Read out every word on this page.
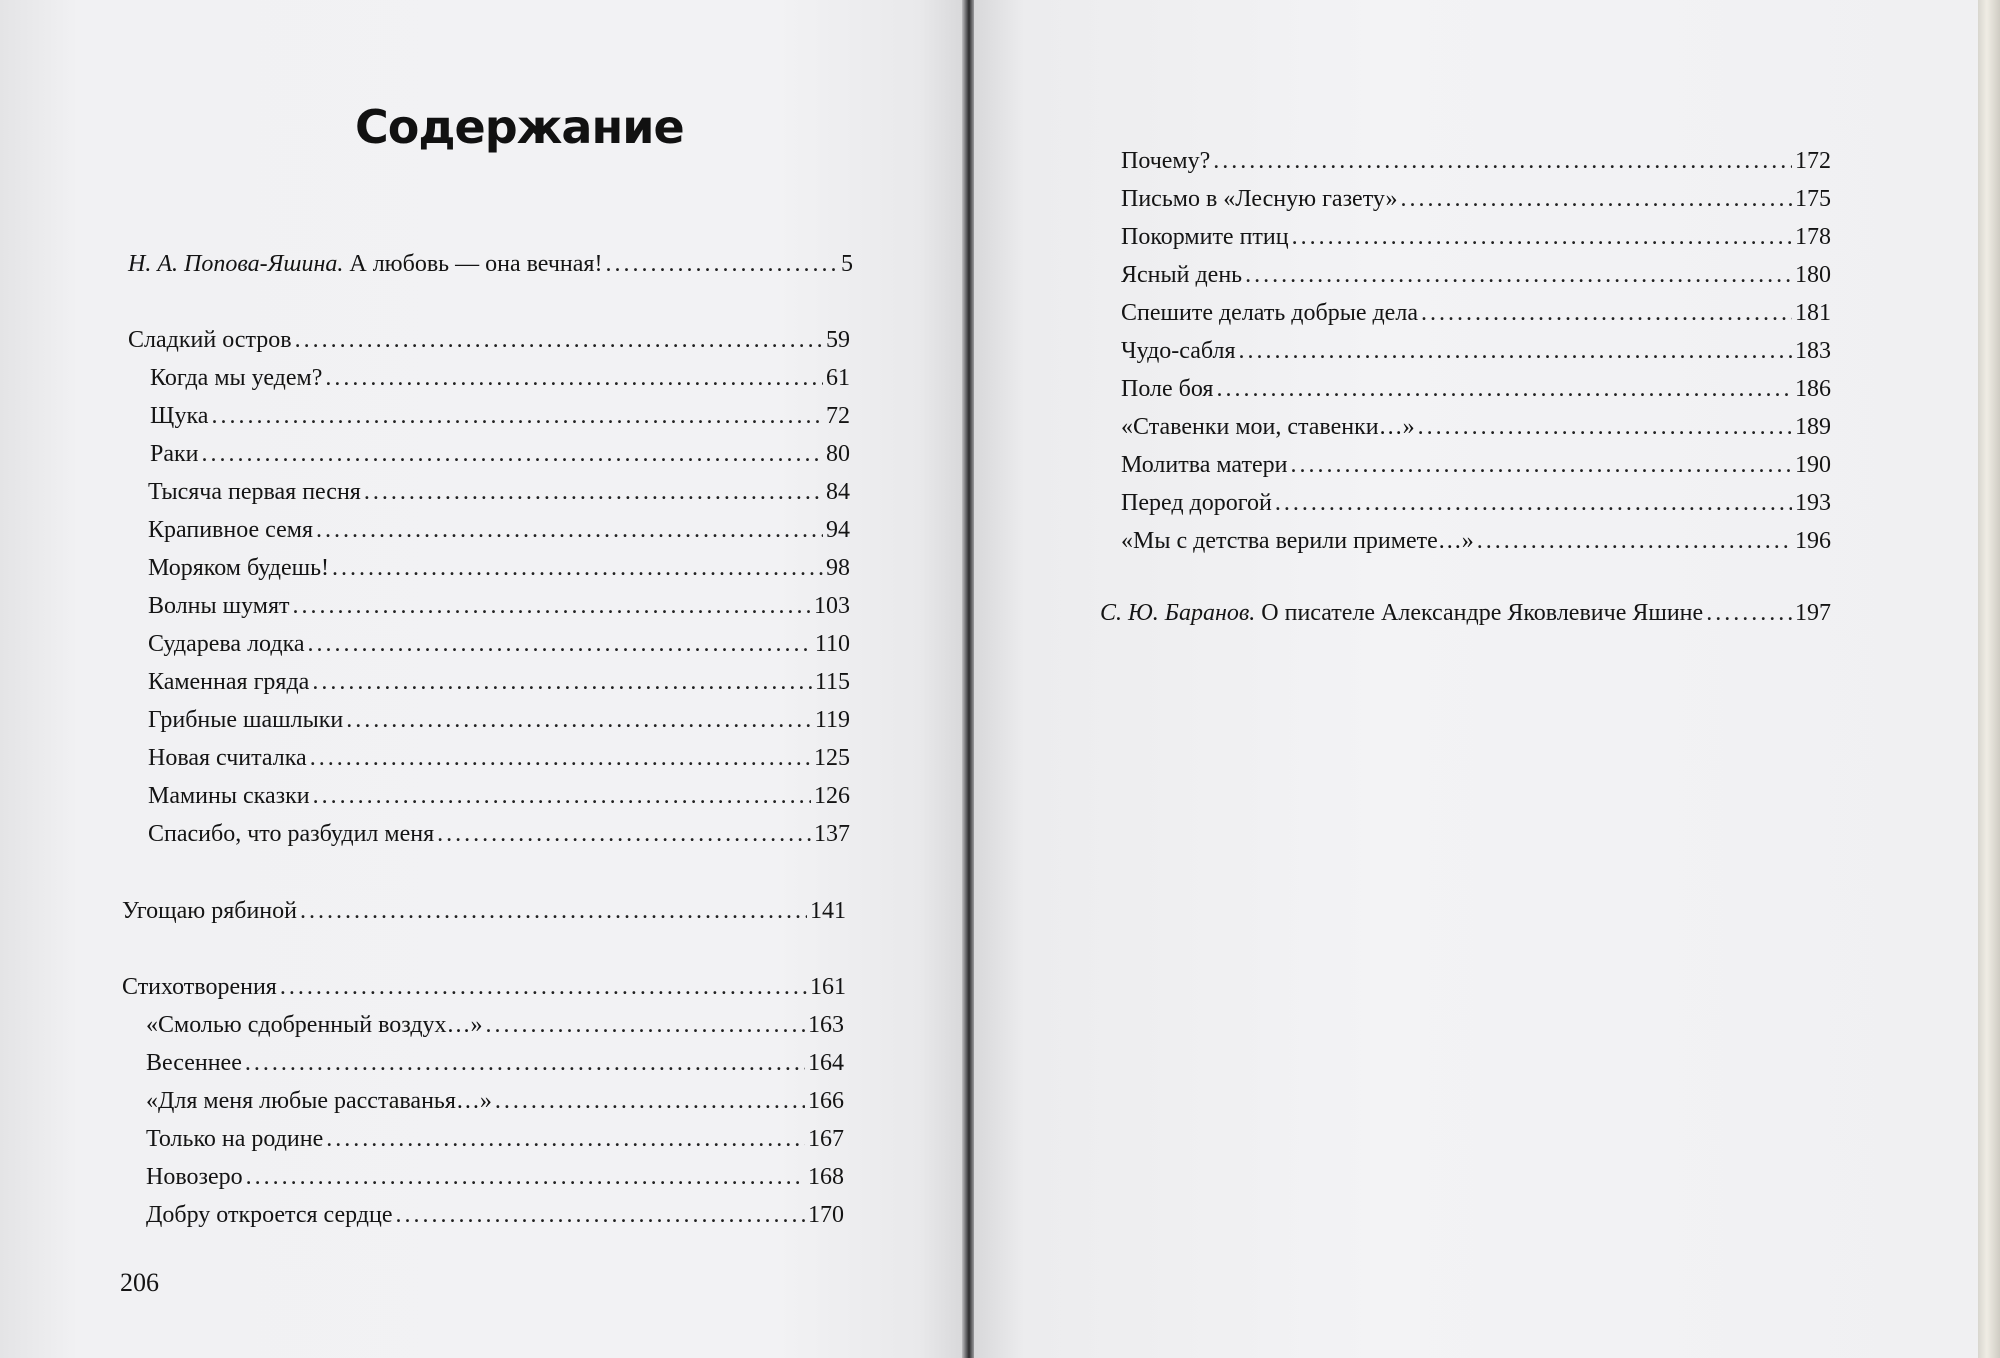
Содержание
Н. А. Попова-Яшина. А любовь — она вечная! .....	5
Сладкий остров .....	59
Когда мы уедем? .....	61
Щука .....	72
Раки .....	80
Тысяча первая песня .....	84
Крапивное семя .....	94
Моряком будешь! .....	98
Волны шумят .....	103
Сударева лодка .....	110
Каменная гряда .....	115
Грибные шашлыки .....	119
Новая считалка .....	125
Мамины сказки .....	126
Спасибо, что разбудил меня .....	137
Угощаю рябиной .....	141
Стихотворения .....	161
«Смолью сдобренный воздух…» .....	163
Весеннее .....	164
«Для меня любые расставанья…» .....	166
Только на родине .....	167
Новозеро .....	168
Добру откроется сердце .....	170
206
Почему? .....	172
Письмо в «Лесную газету» .....	175
Покормите птиц .....	178
Ясный день .....	180
Спешите делать добрые дела .....	181
Чудо-сабля .....	183
Поле боя .....	186
«Ставенки мои, ставенки…» .....	189
Молитва матери .....	190
Перед дорогой .....	193
«Мы с детства верили примете…» .....	196
С. Ю. Баранов. О писателе Александре Яковлевиче Яшине .....	197
